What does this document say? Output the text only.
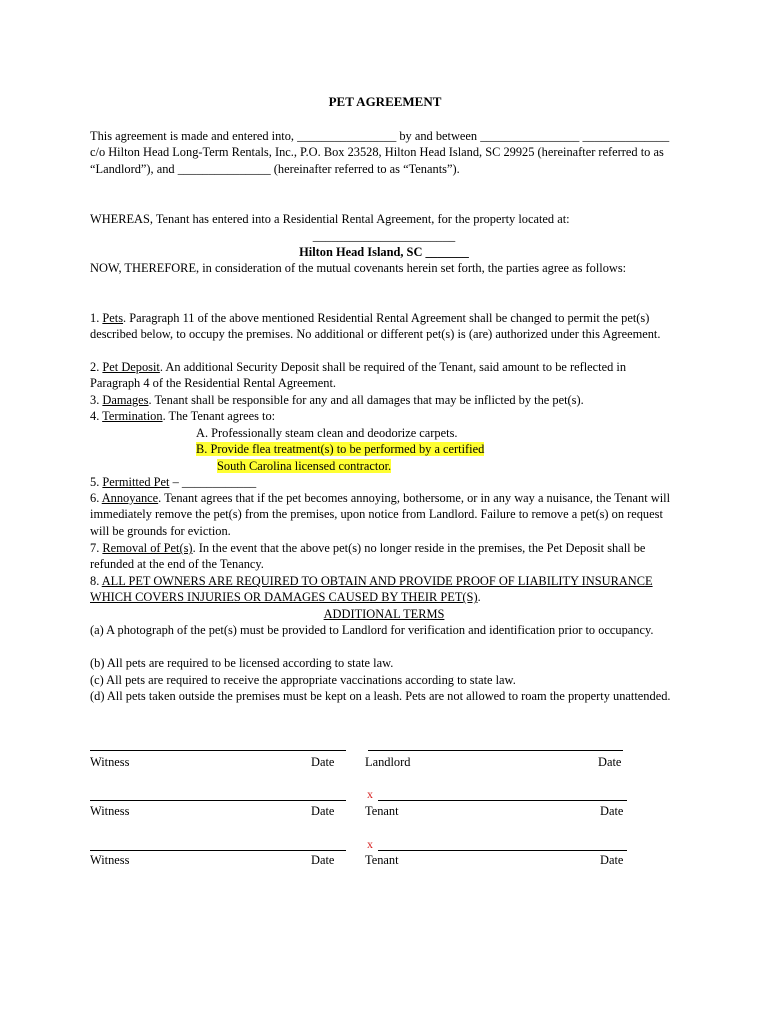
PET AGREEMENT

This agreement is made and entered into, ________________ by and between ________________ ______________ c/o Hilton Head Long-Term Rentals, Inc., P.O. Box 23528, Hilton Head Island, SC 29925 (hereinafter referred to as “Landlord”), and _______________ (hereinafter referred to as “Tenants”).

WHEREAS, Tenant has entered into a Residential Rental Agreement, for the property located at:

_______________________

Hilton Head Island, SC _______

NOW, THEREFORE, in consideration of the mutual covenants herein set forth, the parties agree as follows:

1. Pets. Paragraph 11 of the above mentioned Residential Rental Agreement shall be changed to permit the pet(s) described below, to occupy the premises. No additional or different pet(s) is (are) authorized under this Agreement.

2. Pet Deposit. An additional Security Deposit shall be required of the Tenant, said amount to be reflected in Paragraph 4 of the Residential Rental Agreement.

3. Damages. Tenant shall be responsible for any and all damages that may be inflicted by the pet(s).

4. Termination. The Tenant agrees to:

A. Professionally steam clean and deodorize carpets.

B. Provide flea treatment(s) to be performed by a certified

South Carolina licensed contractor.

5. Permitted Pet – ____________

6. Annoyance. Tenant agrees that if the pet becomes annoying, bothersome, or in any way a nuisance, the Tenant will immediately remove the pet(s) from the premises, upon notice from Landlord. Failure to remove a pet(s) on request will be grounds for eviction.

7. Removal of Pet(s). In the event that the above pet(s) no longer reside in the premises, the Pet Deposit shall be refunded at the end of the Tenancy.

8. ALL PET OWNERS ARE REQUIRED TO OBTAIN AND PROVIDE PROOF OF LIABILITY INSURANCE WHICH COVERS INJURIES OR DAMAGES CAUSED BY THEIR PET(S).

ADDITIONAL TERMS

(a) A photograph of the pet(s) must be provided to Landlord for verification and identification prior to occupancy.

(b) All pets are required to be licensed according to state law.

(c) All pets are required to receive the appropriate vaccinations according to state law.

(d) All pets taken outside the premises must be kept on a leash. Pets are not allowed to roam the property unattended.

Witness	Date Landlord	Date
Witness	Date
x
Tenant	Date
Witness	Date
x
Tenant	Date
